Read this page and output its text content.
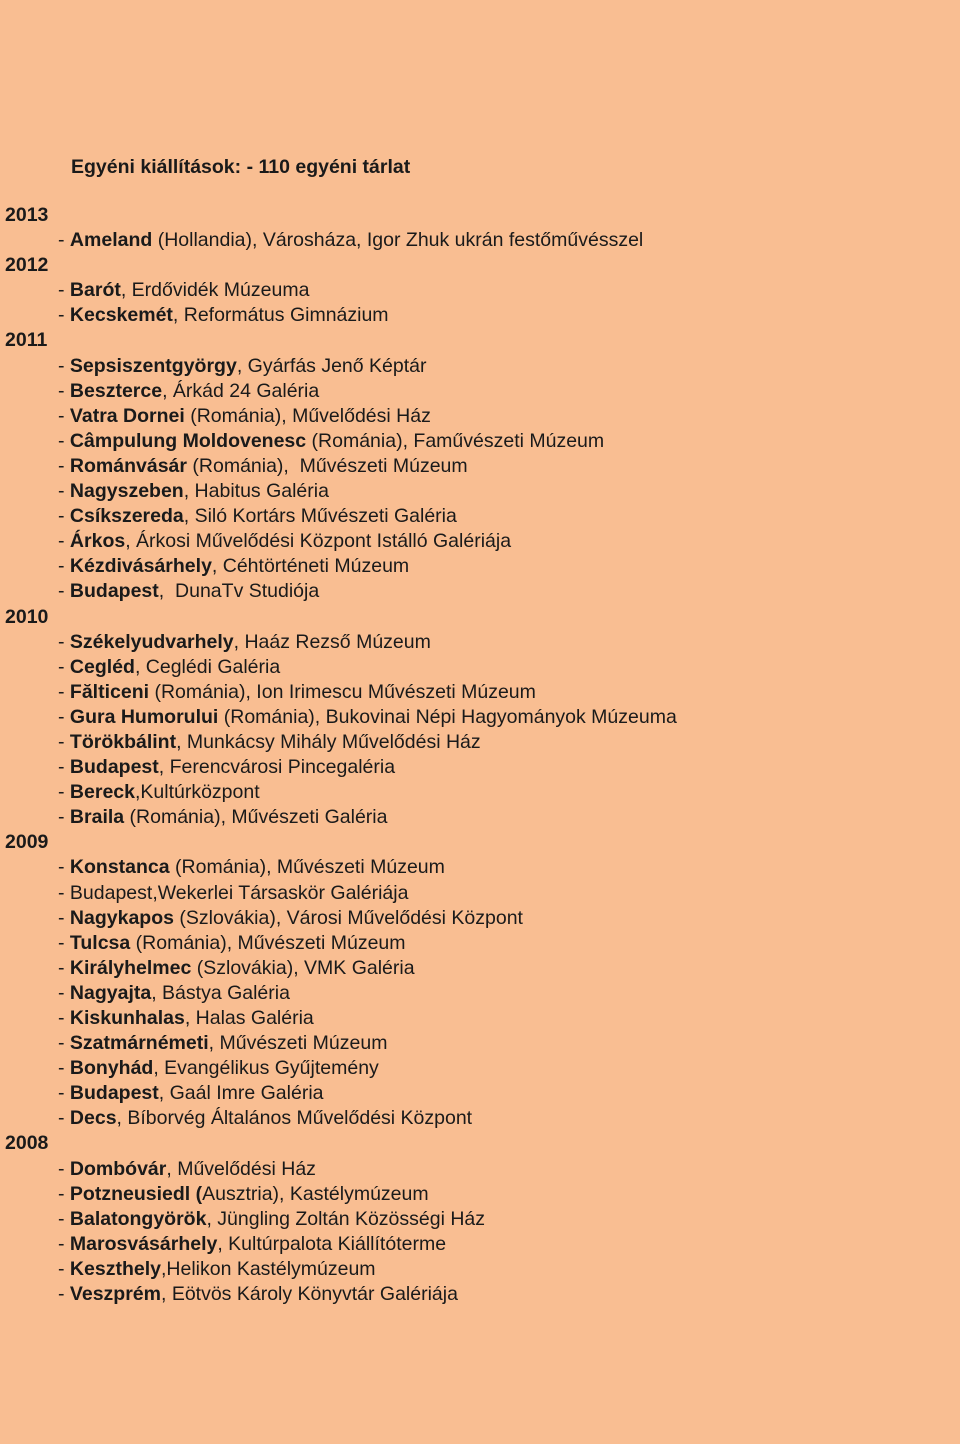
Egyéni kiállítások: - 110 egyéni tárlat
2013
- Ameland (Hollandia), Városháza, Igor Zhuk ukrán festőművésszel
2012
- Barót, Erdővidék Múzeuma
- Kecskemét, Református Gimnázium
2011
- Sepsiszentgyörgy, Gyárfás Jenő Képtár
- Beszterce, Árkád 24 Galéria
- Vatra Dornei (Románia), Művelődési Ház
- Câmpulung Moldovenesc (Románia), Faművészeti Múzeum
- Románvásár (Románia),  Művészeti Múzeum
- Nagyszeben, Habitus Galéria
- Csíkszereda, Siló Kortárs Művészeti Galéria
- Árkos, Árkosi Művelődési Központ Istálló Galériája
- Kézdivásárhely, Céhtörténeti Múzeum
- Budapest,  DunaTv Studiója
2010
- Székelyudvarhely, Haáz Rezső Múzeum
- Cegléd, Ceglédi Galéria
- Fălticeni (Románia), Ion Irimescu Művészeti Múzeum
- Gura Humorului (Románia), Bukovinai Népi Hagyományok Múzeuma
- Törökbálint, Munkácsy Mihály Művelődési Ház
- Budapest, Ferencvárosi Pincegaléria
- Bereck,Kultúrközpont
- Braila (Románia), Művészeti Galéria
2009
- Konstanca (Románia), Művészeti Múzeum
- Budapest,Wekerlei Társaskör Galériája
- Nagykapos (Szlovákia), Városi Művelődési Központ
- Tulcsa (Románia), Művészeti Múzeum
- Királyhelmec (Szlovákia), VMK Galéria
- Nagyajta, Bástya Galéria
- Kiskunhalas, Halas Galéria
- Szatmárnémeti, Művészeti Múzeum
- Bonyhád, Evangélikus Gyűjtemény
- Budapest, Gaál Imre Galéria
- Decs, Bíborvég Általános Művelődési Központ
2008
- Dombóvár, Művelődési Ház
- Potzneusiedl (Ausztria), Kastélymúzeum
- Balatongyörök, Jüngling Zoltán Közösségi Ház
- Marosvásárhely, Kultúrpalota Kiállítóterme
- Keszthely,Helikon Kastélymúzeum
- Veszprém, Eötvös Károly Könyvtár Galériája
